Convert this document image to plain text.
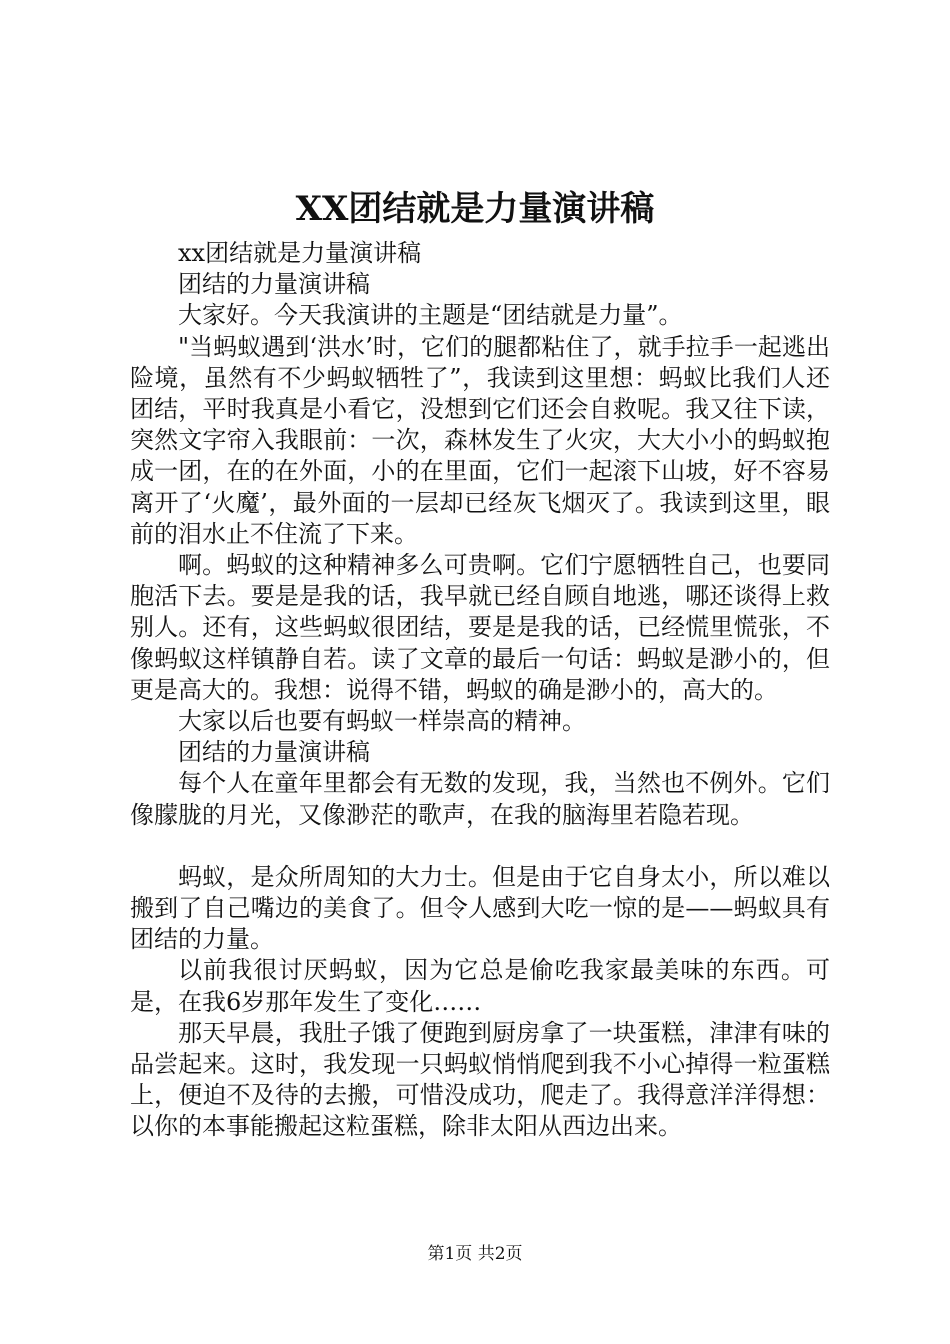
XX团结就是力量演讲稿

xx团结就是力量演讲稿

团结的力量演讲稿

大家好。今天我演讲的主题是“团结就是力量”。

"当蚂蚁遇到‘洪水’时，它们的腿都粘住了，就手拉手一起逃出险境，虽然有不少蚂蚁牺牲了”，我读到这里想：蚂蚁比我们人还团结，平时我真是小看它，没想到它们还会自救呢。我又往下读，突然文字帘入我眼前：一次，森林发生了火灾，大大小小的蚂蚁抱成一团，在的在外面，小的在里面，它们一起滚下山坡，好不容易离开了‘火魔’，最外面的一层却已经灰飞烟灭了。我读到这里，眼前的泪水止不住流了下来。

啊。蚂蚁的这种精神多么可贵啊。它们宁愿牺牲自己，也要同胞活下去。要是是我的话，我早就已经自顾自地逃，哪还谈得上救别人。还有，这些蚂蚁很团结，要是是我的话，已经慌里慌张，不像蚂蚁这样镇静自若。读了文章的最后一句话：蚂蚁是渺小的，但更是高大的。我想：说得不错，蚂蚁的确是渺小的，高大的。

大家以后也要有蚂蚁一样崇高的精神。

团结的力量演讲稿

每个人在童年里都会有无数的发现，我，当然也不例外。它们像朦胧的月光，又像渺茫的歌声，在我的脑海里若隐若现。

蚂蚁，是众所周知的大力士。但是由于它自身太小，所以难以搬到了自己嘴边的美食了。但令人感到大吃一惊的是——蚂蚁具有团结的力量。

以前我很讨厌蚂蚁，因为它总是偷吃我家最美味的东西。可是，在我6岁那年发生了变化……

那天早晨，我肚子饿了便跑到厨房拿了一块蛋糕，津津有味的品尝起来。这时，我发现一只蚂蚁悄悄爬到我不小心掉得一粒蛋糕上，便迫不及待的去搬，可惜没成功，爬走了。我得意洋洋得想：以你的本事能搬起这粒蛋糕，除非太阳从西边出来。

第1页 共2页
